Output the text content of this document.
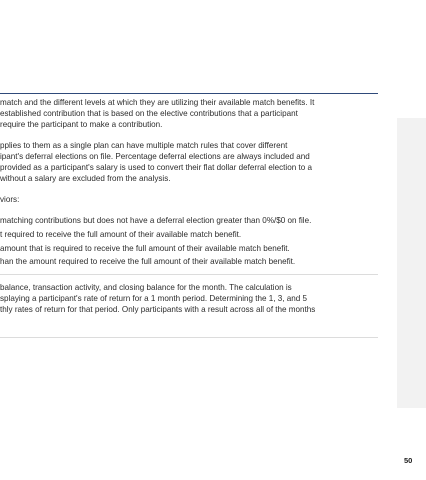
match and the different levels at which they are utilizing their available match benefits. It
established contribution that is based on the elective contributions that a participant
require the participant to make a contribution.
pplies to them as a single plan can have multiple match rules that cover different
ipant's deferral elections on file. Percentage deferral elections are always included and
provided as a participant's salary is used to convert their flat dollar deferral election to a
without a salary are excluded from the analysis.
viors:
matching contributions but does not have a deferral election greater than 0%/$0 on file.
t required to receive the full amount of their available match benefit.
amount that is required to receive the full amount of their available match benefit.
han the amount required to receive the full amount of their available match benefit.
balance, transaction activity, and closing balance for the month. The calculation is
splaying a participant's rate of return for a 1 month period. Determining the 1, 3, and 5
thly rates of return for that period. Only participants with a result across all of the months
50
